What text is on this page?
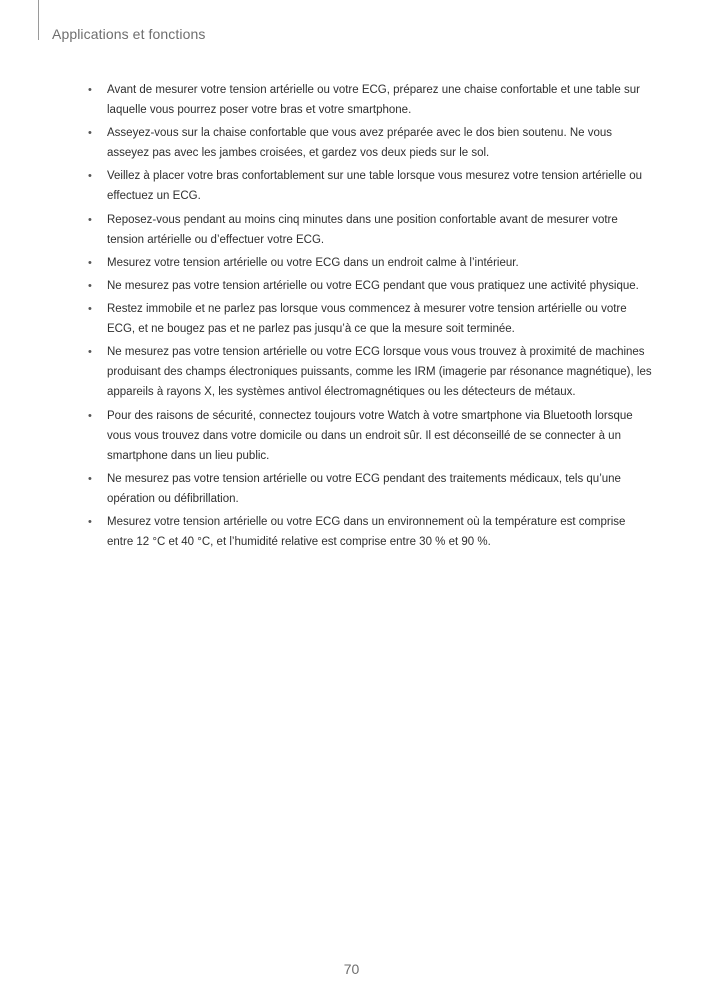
Applications et fonctions
• Avant de mesurer votre tension artérielle ou votre ECG, préparez une chaise confortable et une table sur laquelle vous pourrez poser votre bras et votre smartphone.
• Asseyez-vous sur la chaise confortable que vous avez préparée avec le dos bien soutenu. Ne vous asseyez pas avec les jambes croisées, et gardez vos deux pieds sur le sol.
• Veillez à placer votre bras confortablement sur une table lorsque vous mesurez votre tension artérielle ou effectuez un ECG.
• Reposez-vous pendant au moins cinq minutes dans une position confortable avant de mesurer votre tension artérielle ou d’effectuer votre ECG.
• Mesurez votre tension artérielle ou votre ECG dans un endroit calme à l’intérieur.
• Ne mesurez pas votre tension artérielle ou votre ECG pendant que vous pratiquez une activité physique.
• Restez immobile et ne parlez pas lorsque vous commencez à mesurer votre tension artérielle ou votre ECG, et ne bougez pas et ne parlez pas jusqu’à ce que la mesure soit terminée.
• Ne mesurez pas votre tension artérielle ou votre ECG lorsque vous vous trouvez à proximité de machines produisant des champs électroniques puissants, comme les IRM (imagerie par résonance magnétique), les appareils à rayons X, les systèmes antivol électromagnétiques ou les détecteurs de métaux.
• Pour des raisons de sécurité, connectez toujours votre Watch à votre smartphone via Bluetooth lorsque vous vous trouvez dans votre domicile ou dans un endroit sûr. Il est déconseillé de se connecter à un smartphone dans un lieu public.
• Ne mesurez pas votre tension artérielle ou votre ECG pendant des traitements médicaux, tels qu’une opération ou défibrillation.
• Mesurez votre tension artérielle ou votre ECG dans un environnement où la température est comprise entre 12 °C et 40 °C, et l’humidité relative est comprise entre 30 % et 90 %.
70
